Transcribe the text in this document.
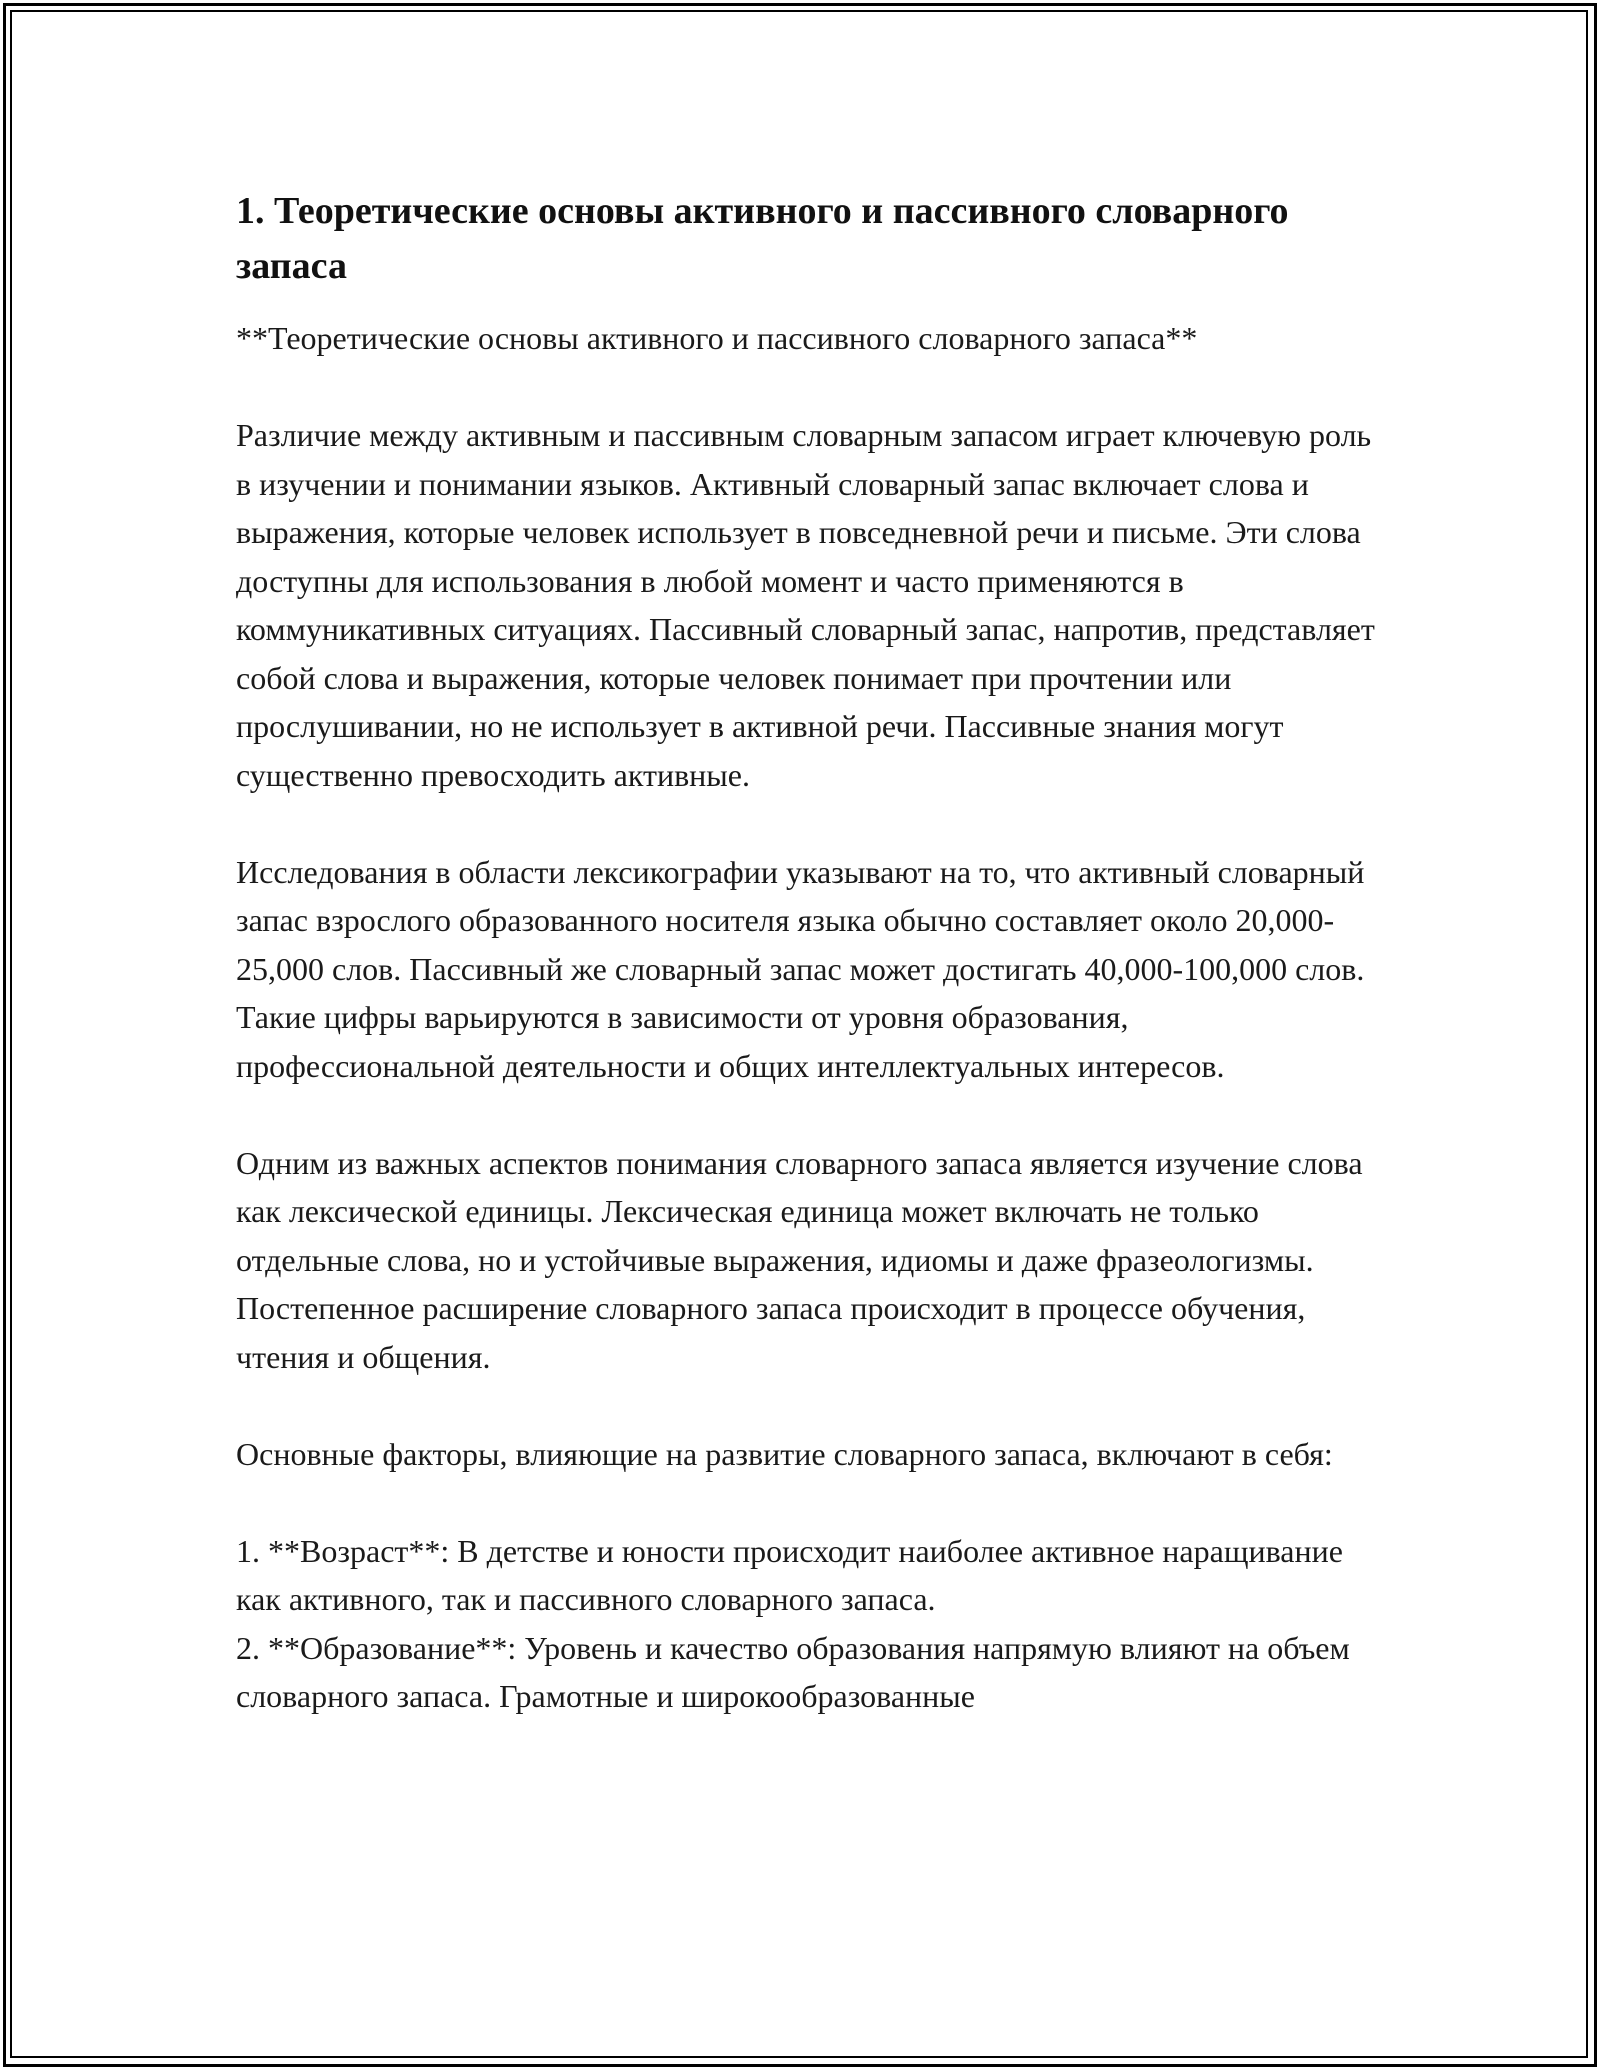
1. Теоретические основы активного и пассивного словарного запаса

**Теоретические основы активного и пассивного словарного запаса**

Различие между активным и пассивным словарным запасом играет ключевую роль в изучении и понимании языков. Активный словарный запас включает слова и выражения, которые человек использует в повседневной речи и письме. Эти слова доступны для использования в любой момент и часто применяются в коммуникативных ситуациях. Пассивный словарный запас, напротив, представляет собой слова и выражения, которые человек понимает при прочтении или прослушивании, но не использует в активной речи. Пассивные знания могут существенно превосходить активные.

Исследования в области лексикографии указывают на то, что активный словарный запас взрослого образованного носителя языка обычно составляет около 20,000-25,000 слов. Пассивный же словарный запас может достигать 40,000-100,000 слов. Такие цифры варьируются в зависимости от уровня образования, профессиональной деятельности и общих интеллектуальных интересов.

Одним из важных аспектов понимания словарного запаса является изучение слова как лексической единицы. Лексическая единица может включать не только отдельные слова, но и устойчивые выражения, идиомы и даже фразеологизмы. Постепенное расширение словарного запаса происходит в процессе обучения, чтения и общения.

Основные факторы, влияющие на развитие словарного запаса, включают в себя:

1. **Возраст**: В детстве и юности происходит наиболее активное наращивание как активного, так и пассивного словарного запаса.
2. **Образование**: Уровень и качество образования напрямую влияют на объем словарного запаса. Грамотные и широкообразованные
